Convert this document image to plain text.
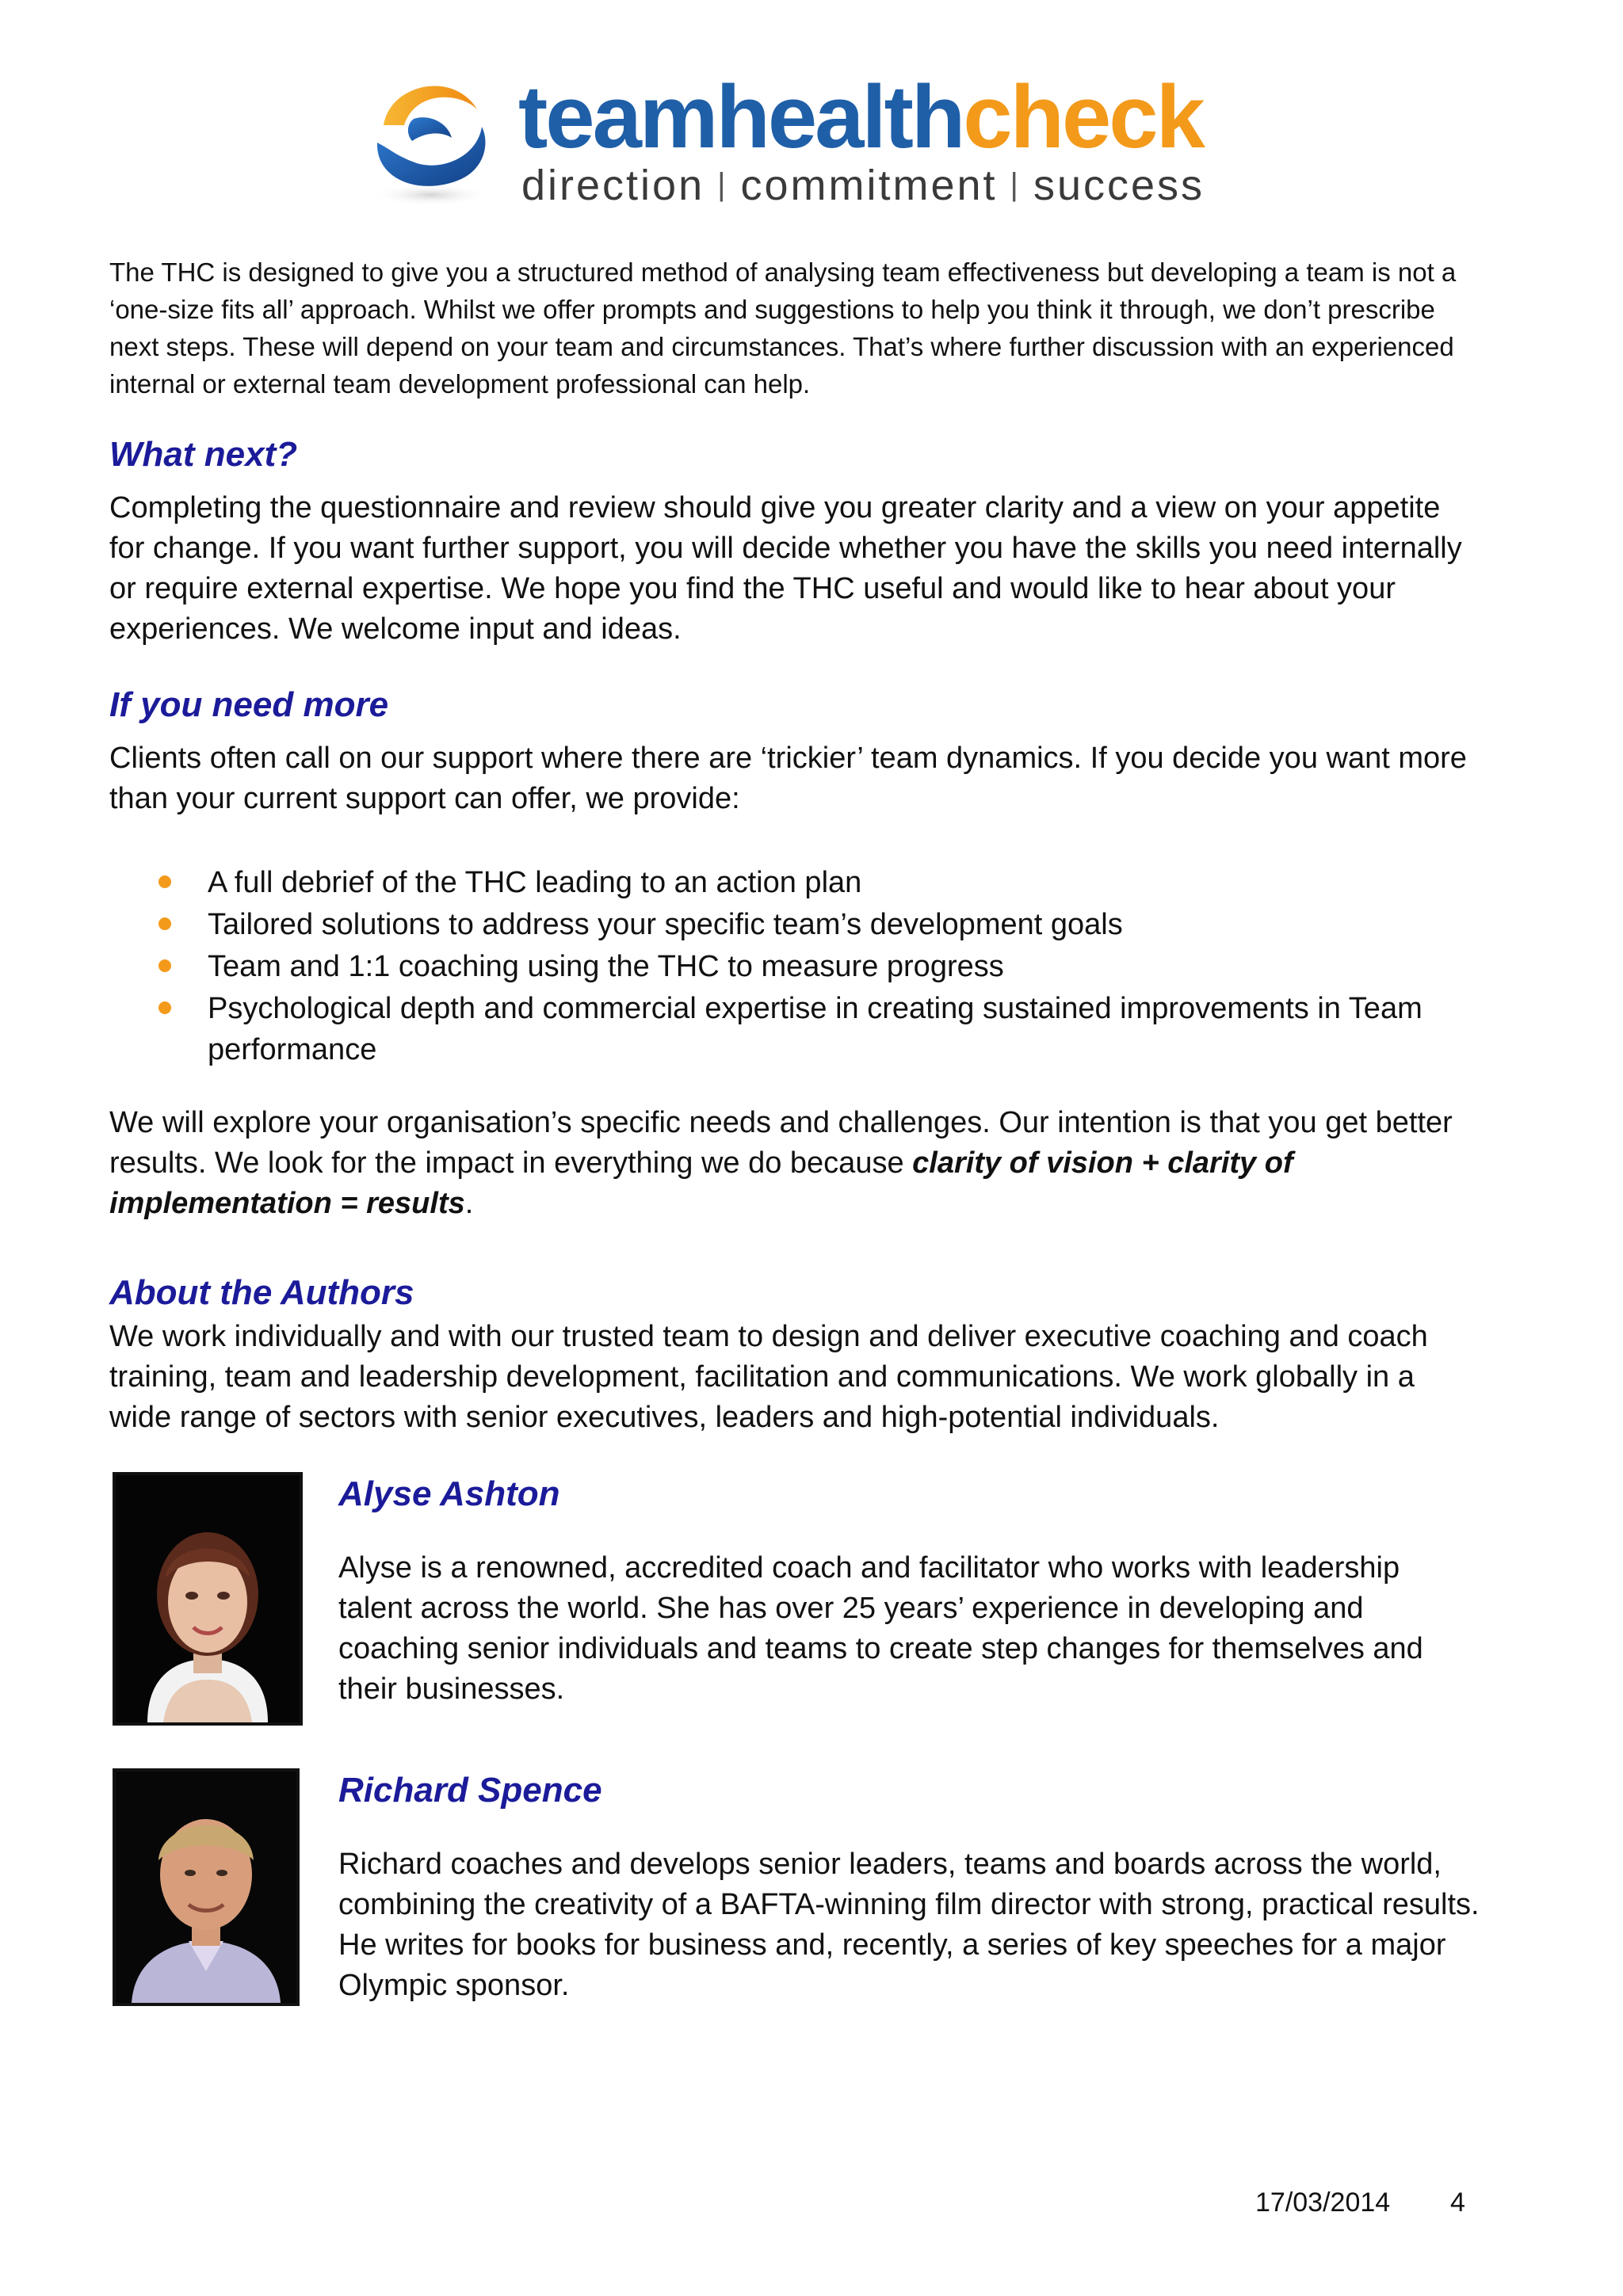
teamhealthcheck
direction | commitment | success
The THC is designed to give you a structured method of analysing team effectiveness but developing a team is not a ‘one-size fits all’ approach. Whilst we offer prompts and suggestions to help you think it through, we don’t prescribe next steps. These will depend on your team and circumstances. That’s where further discussion with an experienced internal or external team development professional can help.
What next?
Completing the questionnaire and review should give you greater clarity and a view on your appetite for change. If you want further support, you will decide whether you have the skills you need internally or require external expertise. We hope you find the THC useful and would like to hear about your experiences. We welcome input and ideas.
If you need more
Clients often call on our support where there are ‘trickier’ team dynamics. If you decide you want more than your current support can offer, we provide:
A full debrief of the THC leading to an action plan
Tailored solutions to address your specific team’s development goals
Team and 1:1 coaching using the THC to measure progress
Psychological depth and commercial expertise in creating sustained improvements in Team performance
We will explore your organisation’s specific needs and challenges. Our intention is that you get better results. We look for the impact in everything we do because clarity of vision + clarity of implementation = results.
About the Authors
We work individually and with our trusted team to design and deliver executive coaching and coach training, team and leadership development, facilitation and communications. We work globally in a wide range of sectors with senior executives, leaders and high-potential individuals.
Alyse Ashton
Alyse is a renowned, accredited coach and facilitator who works with leadership talent across the world. She has over 25 years’ experience in developing and coaching senior individuals and teams to create step changes for themselves and their businesses.
Richard Spence
Richard coaches and develops senior leaders, teams and boards across the world, combining the creativity of a BAFTA-winning film director with strong, practical results. He writes for books for business and, recently, a series of key speeches for a major Olympic sponsor.
17/03/2014 4
